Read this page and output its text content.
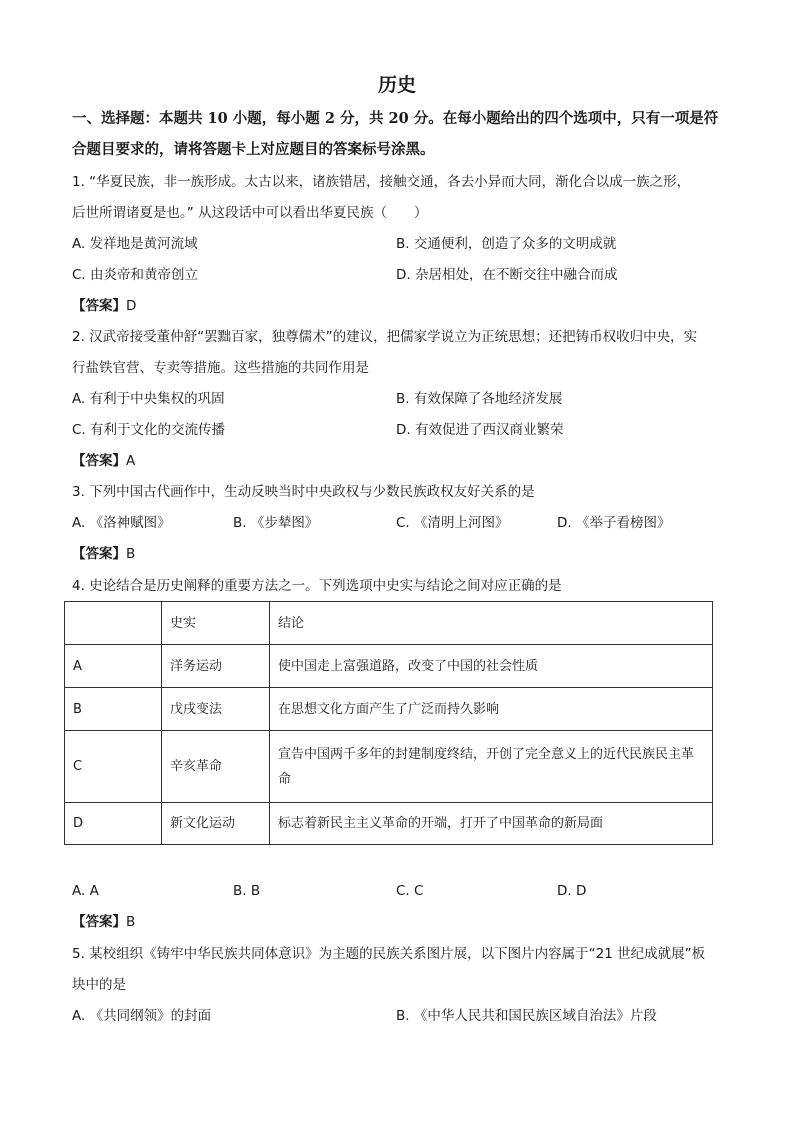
历史
一、选择题：本题共 10 小题，每小题 2 分，共 20 分。在每小题给出的四个选项中，只有一项是符合题目要求的，请将答题卡上对应题目的答案标号涂黑。
1. “华夏民族，非一族形成。太古以来，诸族错居，接触交通，各去小异而大同，渐化合以成一族之形，
后世所谓诸夏是也。” 从这段话中可以看出华夏民族（　　）
A. 发祥地是黄河流域	B. 交通便利，创造了众多的文明成就
C. 由炎帝和黄帝创立	D. 杂居相处，在不断交往中融合而成
【答案】D
2. 汉武帝接受董仲舒“罢黜百家，独尊儒术”的建议，把儒家学说立为正统思想；还把铸币权收归中央，实
行盐铁官营、专卖等措施。这些措施的共同作用是
A. 有利于中央集权的巩固	B. 有效保障了各地经济发展
C. 有利于文化的交流传播	D. 有效促进了西汉商业繁荣
【答案】A
3. 下列中国古代画作中，生动反映当时中央政权与少数民族政权友好关系的是
A. 《洛神赋图》	B. 《步辇图》	C. 《清明上河图》	D. 《举子看榜图》
【答案】B
4. 史论结合是历史阐释的重要方法之一。下列选项中史实与结论之间对应正确的是
	史实	结论
A	洋务运动	使中国走上富强道路，改变了中国的社会性质
B	戊戌变法	在思想文化方面产生了广泛而持久影响
C	辛亥革命	宣告中国两千多年的封建制度终结，开创了完全意义上的近代民族民主革命
D	新文化运动	标志着新民主主义革命的开端，打开了中国革命的新局面
A. A	B. B	C. C	D. D
【答案】B
5. 某校组织《铸牢中华民族共同体意识》为主题的民族关系图片展，以下图片内容属于“21 世纪成就展”板
块中的是
A. 《共同纲领》的封面	B. 《中华人民共和国民族区域自治法》片段
